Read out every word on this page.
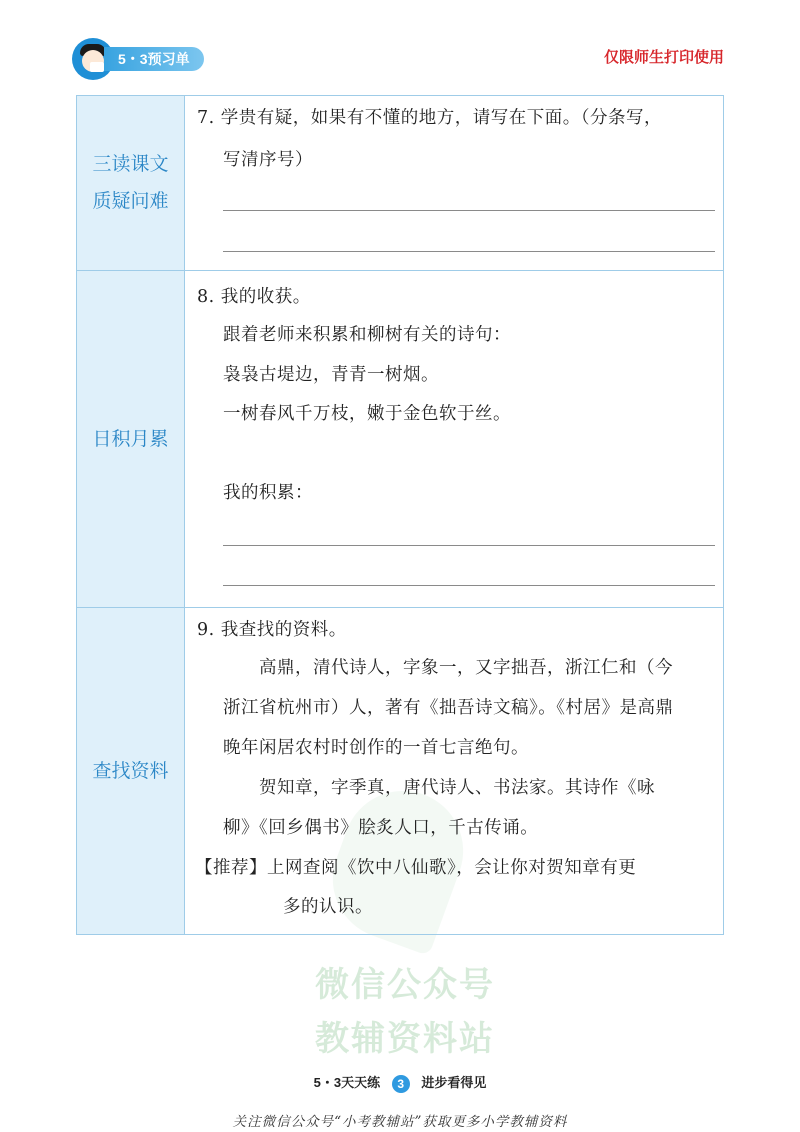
微信公众号
教辅资料站
5・3预习单	仅限师生打印使用
三读课文
质疑问难
7. 学贵有疑，如果有不懂的地方，请写在下面。（分条写，
写清序号）
日积月累
8. 我的收获。
跟着老师来积累和柳树有关的诗句：
袅袅古堤边，青青一树烟。
一树春风千万枝，嫩于金色软于丝。
我的积累：
查找资料
9. 我查找的资料。
高鼎，清代诗人，字象一，又字拙吾，浙江仁和（今
浙江省杭州市）人，著有《拙吾诗文稿》。《村居》是高鼎
晚年闲居农村时创作的一首七言绝句。
贺知章，字季真，唐代诗人、书法家。其诗作《咏
柳》《回乡偶书》脍炙人口，千古传诵。
【推荐】上网查阅《饮中八仙歌》，会让你对贺知章有更
多的认识。
5・3天天练 3 进步看得见
关注微信公众号“小考教辅站”获取更多小学教辅资料
